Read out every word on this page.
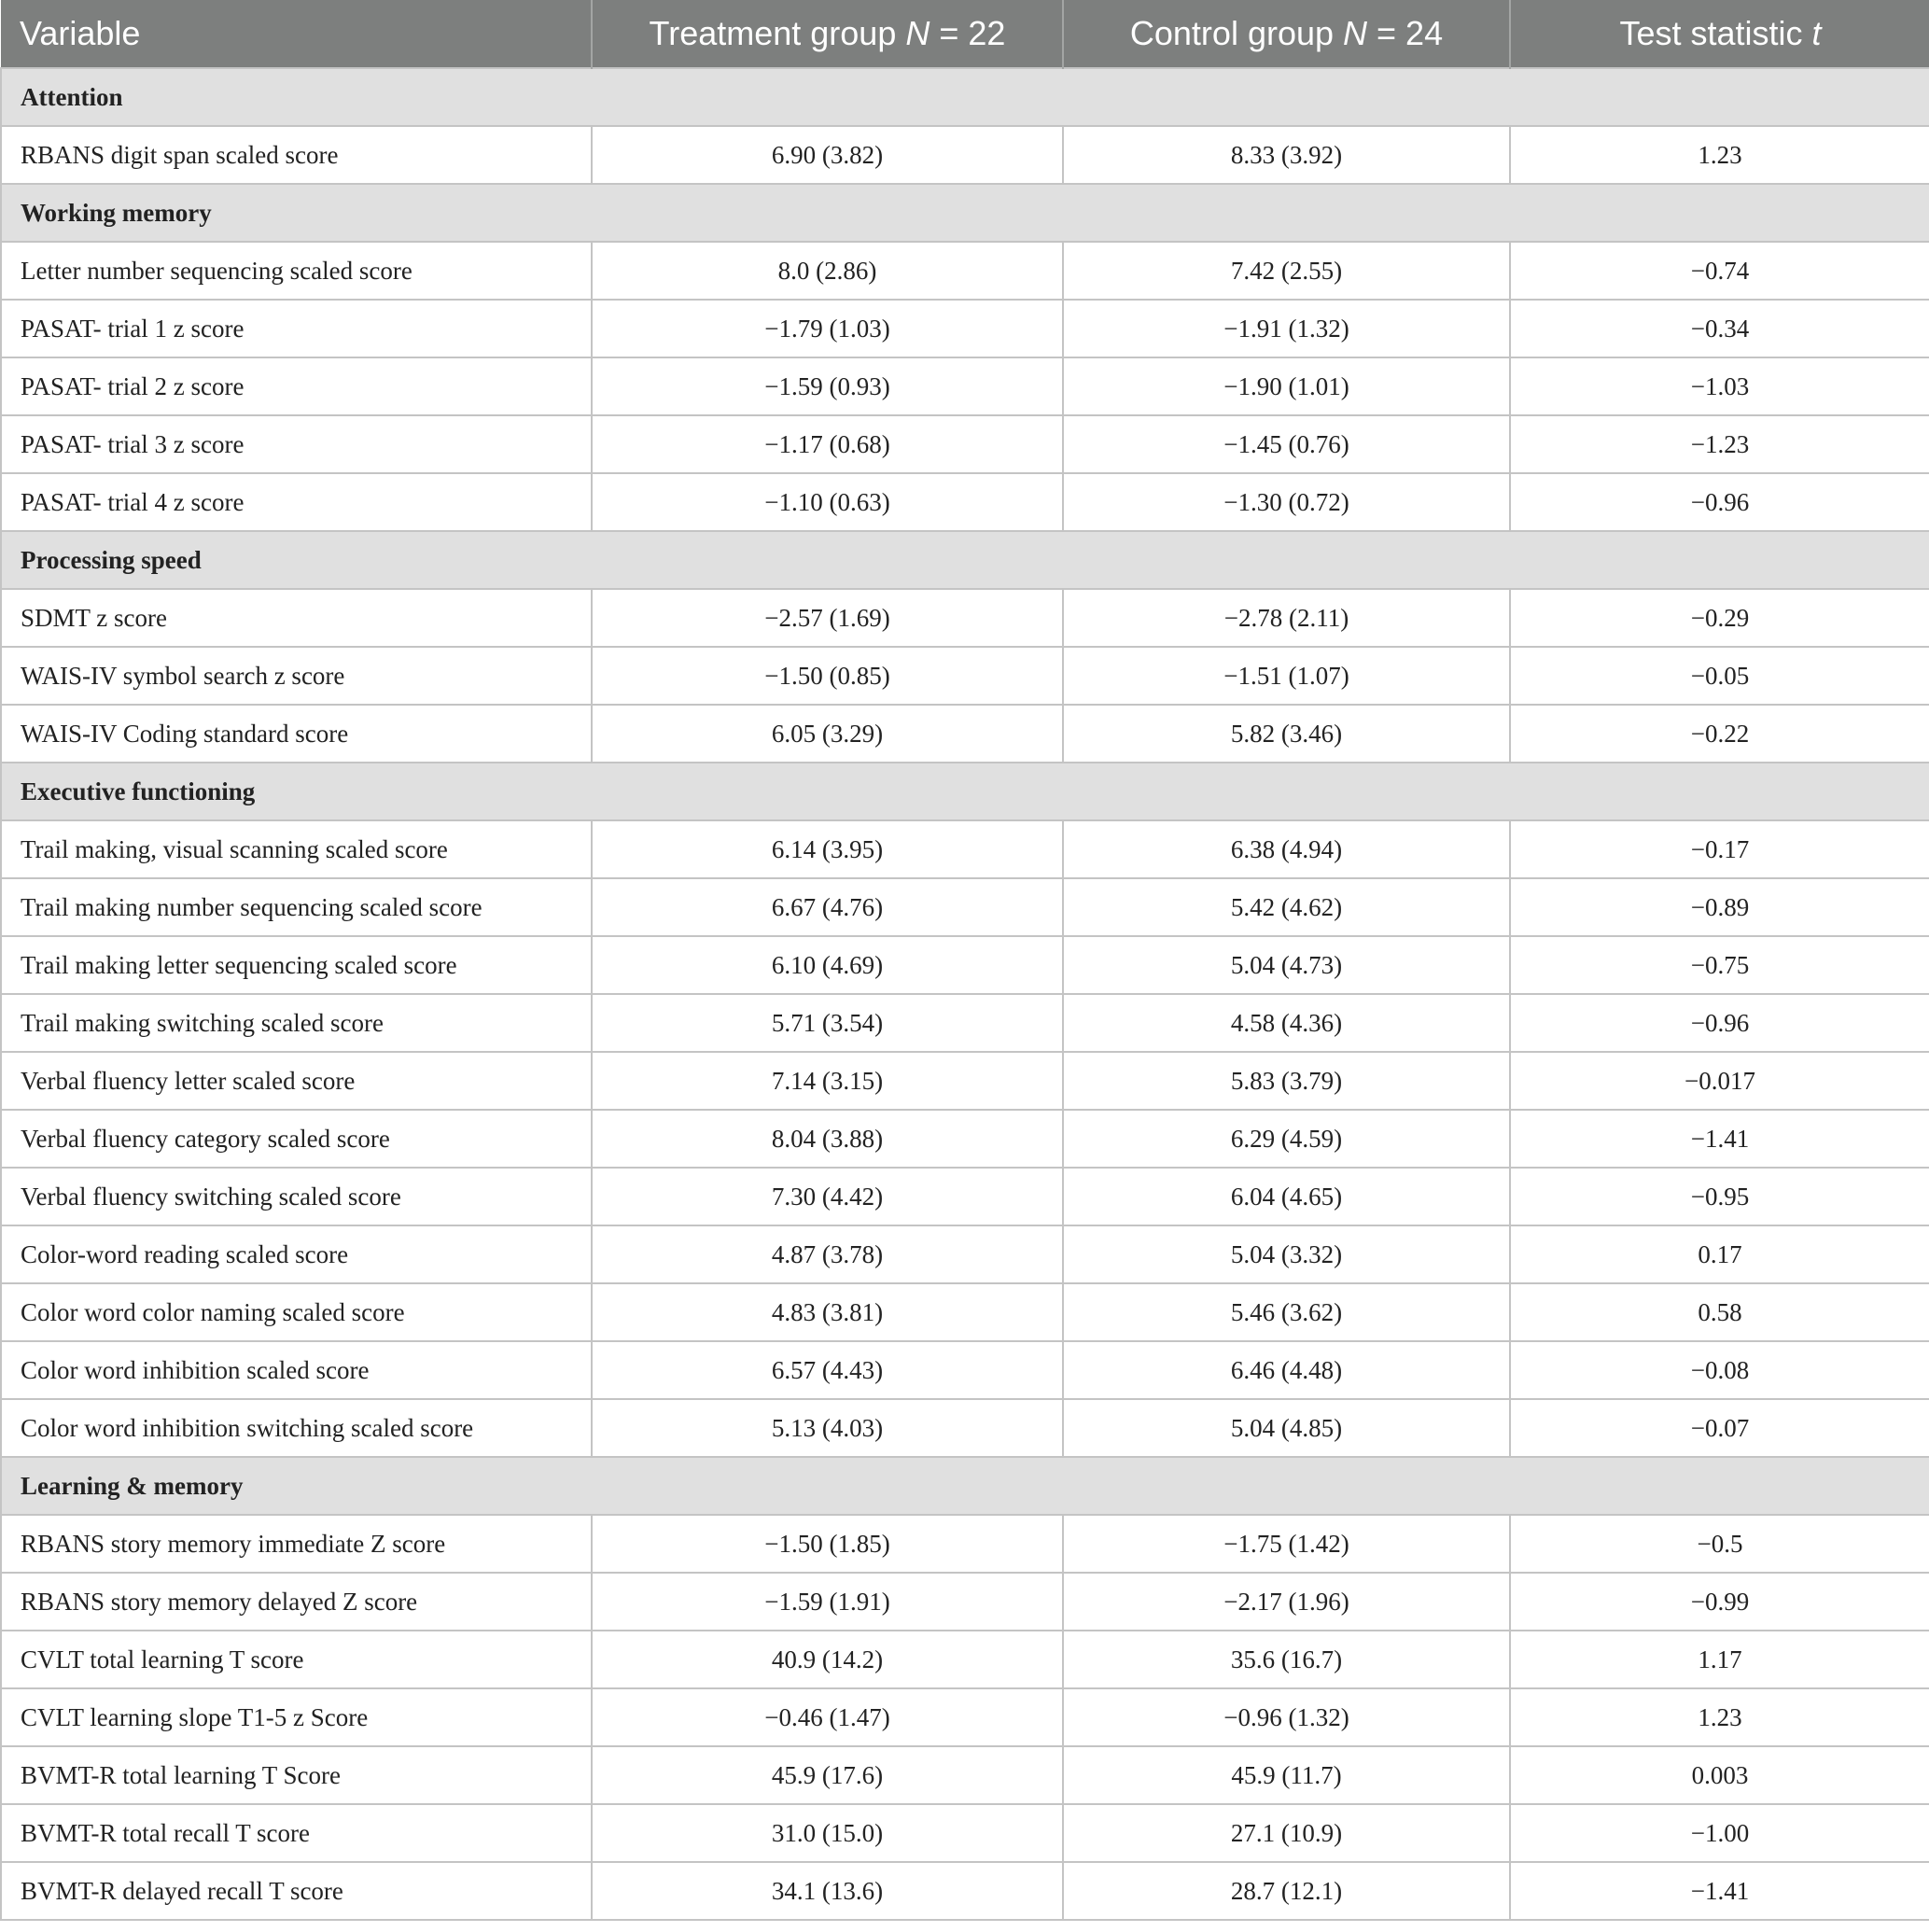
Variable	Treatment group N = 22	Control group N = 24	Test statistic t
Attention			
RBANS digit span scaled score	6.90 (3.82)	8.33 (3.92)	1.23
Working memory			
Letter number sequencing scaled score	8.0 (2.86)	7.42 (2.55)	−0.74
PASAT- trial 1 z score	−1.79 (1.03)	−1.91 (1.32)	−0.34
PASAT- trial 2 z score	−1.59 (0.93)	−1.90 (1.01)	−1.03
PASAT- trial 3 z score	−1.17 (0.68)	−1.45 (0.76)	−1.23
PASAT- trial 4 z score	−1.10 (0.63)	−1.30 (0.72)	−0.96
Processing speed			
SDMT z score	−2.57 (1.69)	−2.78 (2.11)	−0.29
WAIS-IV symbol search z score	−1.50 (0.85)	−1.51 (1.07)	−0.05
WAIS-IV Coding standard score	6.05 (3.29)	5.82 (3.46)	−0.22
Executive functioning			
Trail making, visual scanning scaled score	6.14 (3.95)	6.38 (4.94)	−0.17
Trail making number sequencing scaled score	6.67 (4.76)	5.42 (4.62)	−0.89
Trail making letter sequencing scaled score	6.10 (4.69)	5.04 (4.73)	−0.75
Trail making switching scaled score	5.71 (3.54)	4.58 (4.36)	−0.96
Verbal fluency letter scaled score	7.14 (3.15)	5.83 (3.79)	−0.017
Verbal fluency category scaled score	8.04 (3.88)	6.29 (4.59)	−1.41
Verbal fluency switching scaled score	7.30 (4.42)	6.04 (4.65)	−0.95
Color-word reading scaled score	4.87 (3.78)	5.04 (3.32)	0.17
Color word color naming scaled score	4.83 (3.81)	5.46 (3.62)	0.58
Color word inhibition scaled score	6.57 (4.43)	6.46 (4.48)	−0.08
Color word inhibition switching scaled score	5.13 (4.03)	5.04 (4.85)	−0.07
Learning & memory			
RBANS story memory immediate Z score	−1.50 (1.85)	−1.75 (1.42)	−0.5
RBANS story memory delayed Z score	−1.59 (1.91)	−2.17 (1.96)	−0.99
CVLT total learning T score	40.9 (14.2)	35.6 (16.7)	1.17
CVLT learning slope T1-5 z Score	−0.46 (1.47)	−0.96 (1.32)	1.23
BVMT-R total learning T Score	45.9 (17.6)	45.9 (11.7)	0.003
BVMT-R total recall T score	31.0 (15.0)	27.1 (10.9)	−1.00
BVMT-R delayed recall T score	34.1 (13.6)	28.7 (12.1)	−1.41
